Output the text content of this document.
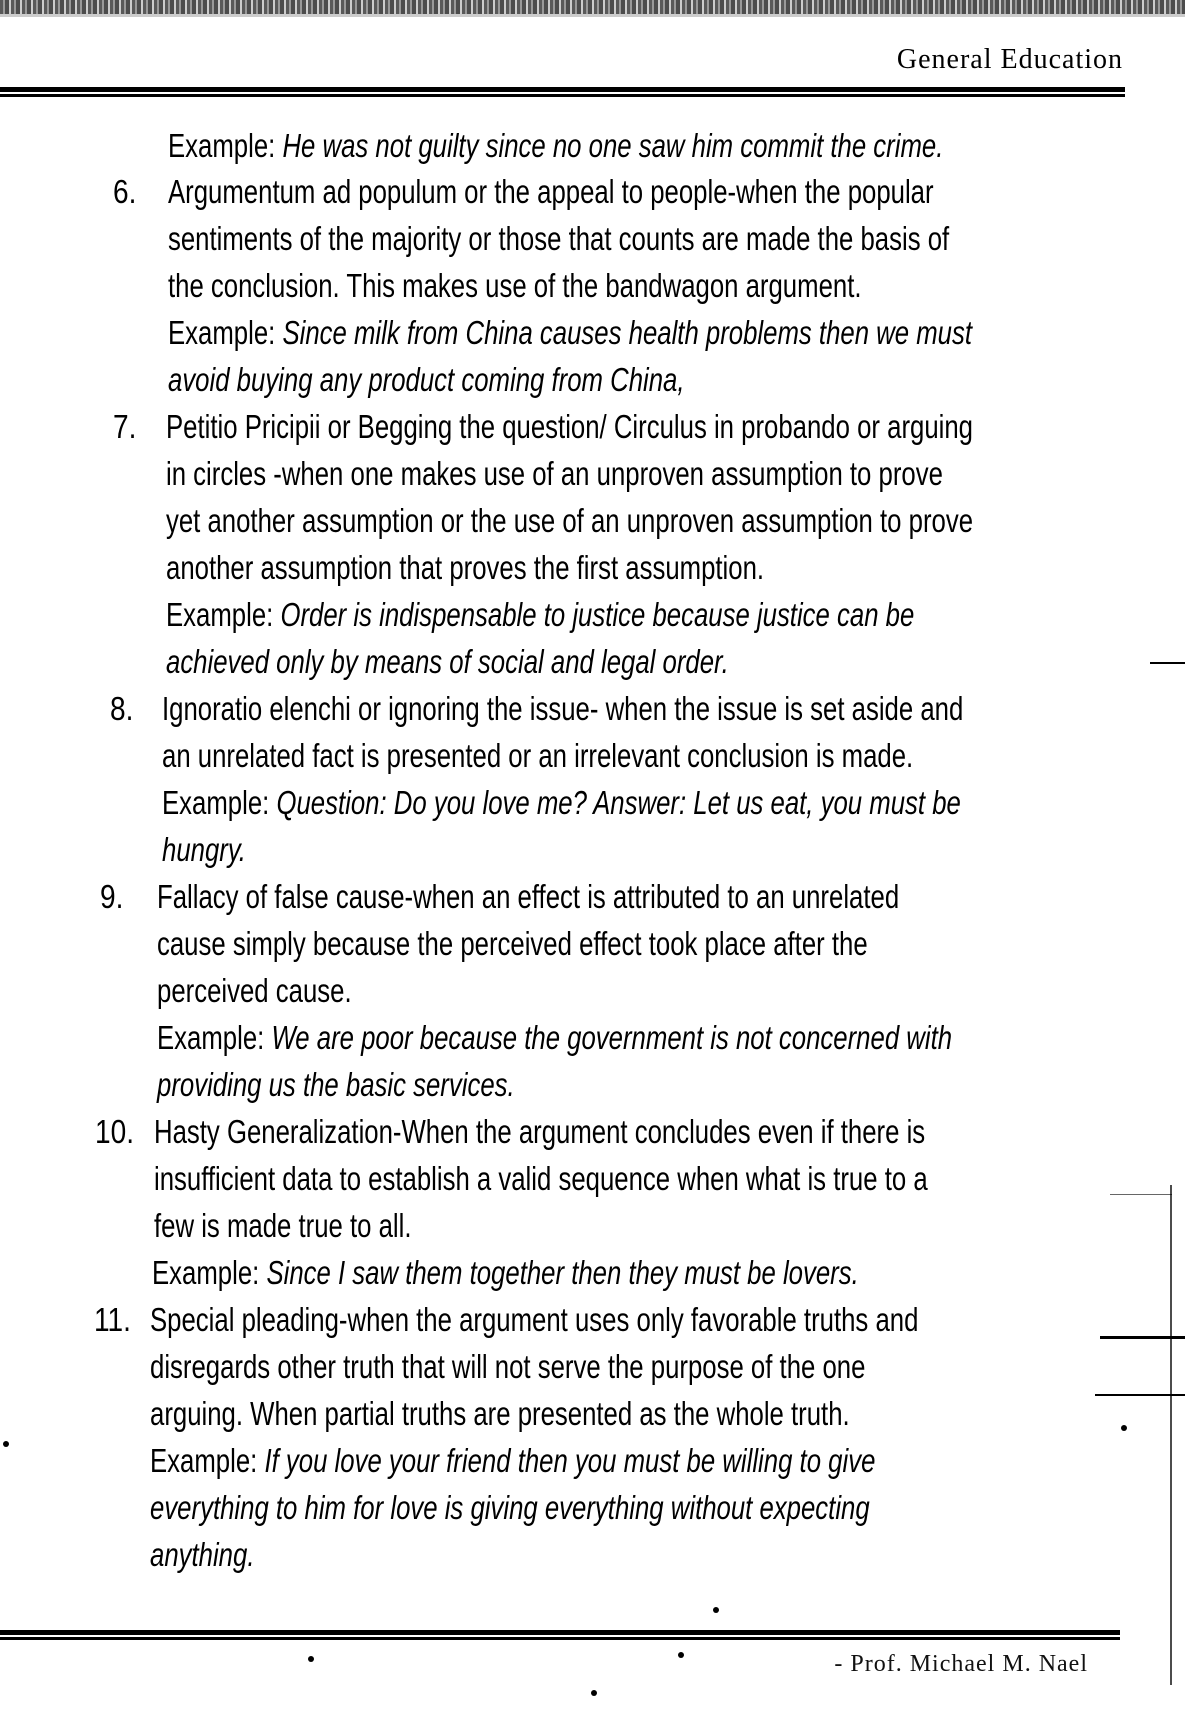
General Education
Example: He was not guilty since no one saw him commit the crime.
6. Argumentum ad populum or the appeal to people-when the popular
sentiments of the majority or those that counts are made the basis of
the conclusion. This makes use of the bandwagon argument.
Example: Since milk from China causes health problems then we must
avoid buying any product coming from China,
7. Petitio Pricipii or Begging the question/ Circulus in probando or arguing
in circles -when one makes use of an unproven assumption to prove
yet another assumption or the use of an unproven assumption to prove
another assumption that proves the first assumption.
Example: Order is indispensable to justice because justice can be
achieved only by means of social and legal order.
8. Ignoratio elenchi or ignoring the issue- when the issue is set aside and
an unrelated fact is presented or an irrelevant conclusion is made.
Example: Question: Do you love me? Answer: Let us eat, you must be
hungry.
9. Fallacy of false cause-when an effect is attributed to an unrelated
cause simply because the perceived effect took place after the
perceived cause.
Example: We are poor because the government is not concerned with
providing us the basic services.
10. Hasty Generalization-When the argument concludes even if there is
insufficient data to establish a valid sequence when what is true to a
few is made true to all.
Example: Since I saw them together then they must be lovers.
11. Special pleading-when the argument uses only favorable truths and
disregards other truth that will not serve the purpose of the one
arguing. When partial truths are presented as the whole truth.
Example: If you love your friend then you must be willing to give
everything to him for love is giving everything without expecting
anything.
- Prof. Michael M. Nael
